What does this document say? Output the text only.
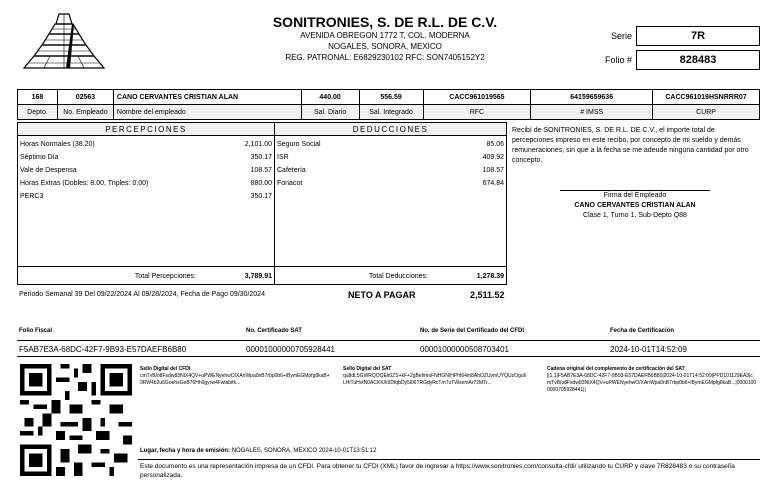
SONITRONIES, S. DE R.L. DE C.V.
AVENIDA OBREGON 1772 T, COL. MODERNA
NOGALES, SONORA, MEXICO
REG. PATRONAL: E6829230102 RFC: SON7405152Y2
Serie	7R
Folio #	828483
168	02563	CANO CERVANTES CRISTIAN ALAN	440.00	556.59	CACC961019565	64159659636	CACC961019HSNRRR07
Depto.	No. Empleado	Nombre del empleado	Sal. Diario	Sal. Integrado	RFC	# IMSS	CURP
PERCEPCIONES	DEDUCCIONES
Horas Normales (38.20)	2,101.00
Séptimo Día	350.17
Vale de Despensa	108.57
Horas Extras (Dobles: 8.00, Triples: 0.00)	880.00
PERC3	350.17
Seguro Social	85.06
ISR	409.92
Cafetería	108.57
Fonacot	674.84
Total Percepciones:	3,789.91	Total Deducciones:	1,278.39
Recibí de SONITRONIES, S. DE R.L. DE C.V., el importe total de percepciones impreso en este recibo, por concepto de mi sueldo y demás remuneraciones, sin que a la fecha se me adeude ninguna cantidad por otro concepto.
Firma del Empleado
CANO CERVANTES CRISTIAN ALAN
Clase 1, Turno 1, Sub-Depto Q88
Periodo Semanal 39 Del 09/22/2024 Al 09/28/2024, Fecha de Pago 09/30/2024	NETO A PAGAR	2,511.52
Folio Fiscal	No. Certificado SAT	No. de Serie del Certificado del CFDI	Fecha de Certificación
F5AB7E3A-68DC-42F7-9B93-E57DAEFB6B80	00001000000705928441	00001000000508703401	2024-10-01T14:52:09
Sello Digital del CFDI
cmTvB/o8Fsdw83NtX4QV+uPWENyehwO/XAnWpa0nB7rbp0b6+iBymEGMpfg8kaB+9RW4b2u6GoehsGeB76Hh0gyrw4Fwlabifk...
Sello Digital del SAT
qu8dL5GWRQOQEk0ZS+kF+2gBel/moFNHGN/HPht64m8AhOZUymUYQUzOgu6LHiTuHvfN0ACKK/k9DfqbDy5l06TRGdyRcTmTuTWsemAr72MTr...
Cadena original del complemento de certificación del SAT
||1.1|F5AB7E3A-68DC-42F7-9B93-E57DAEFB6B80|2024-10-01T14:52:09|PPD101129EA3|cmTvB/o8Fsdw83NtX4QV+uPWENyehwO/XAnWpa0nB7rbp0b6+iBymEGMpfg8kaB...|00001000000705928441||
Lugar, fecha y hora de emisión: NOGALES, SONORA, MEXICO 2024-10-01T13:51:12
Este documento es una representación impresa de un CFDI. Para obtener tu CFDI (XML) favor de ingresar a https://www.sonitronies.com/consulta-cfdi/ utilizando tu CURP y clave 7R828483 o su contraseña personalizada.
